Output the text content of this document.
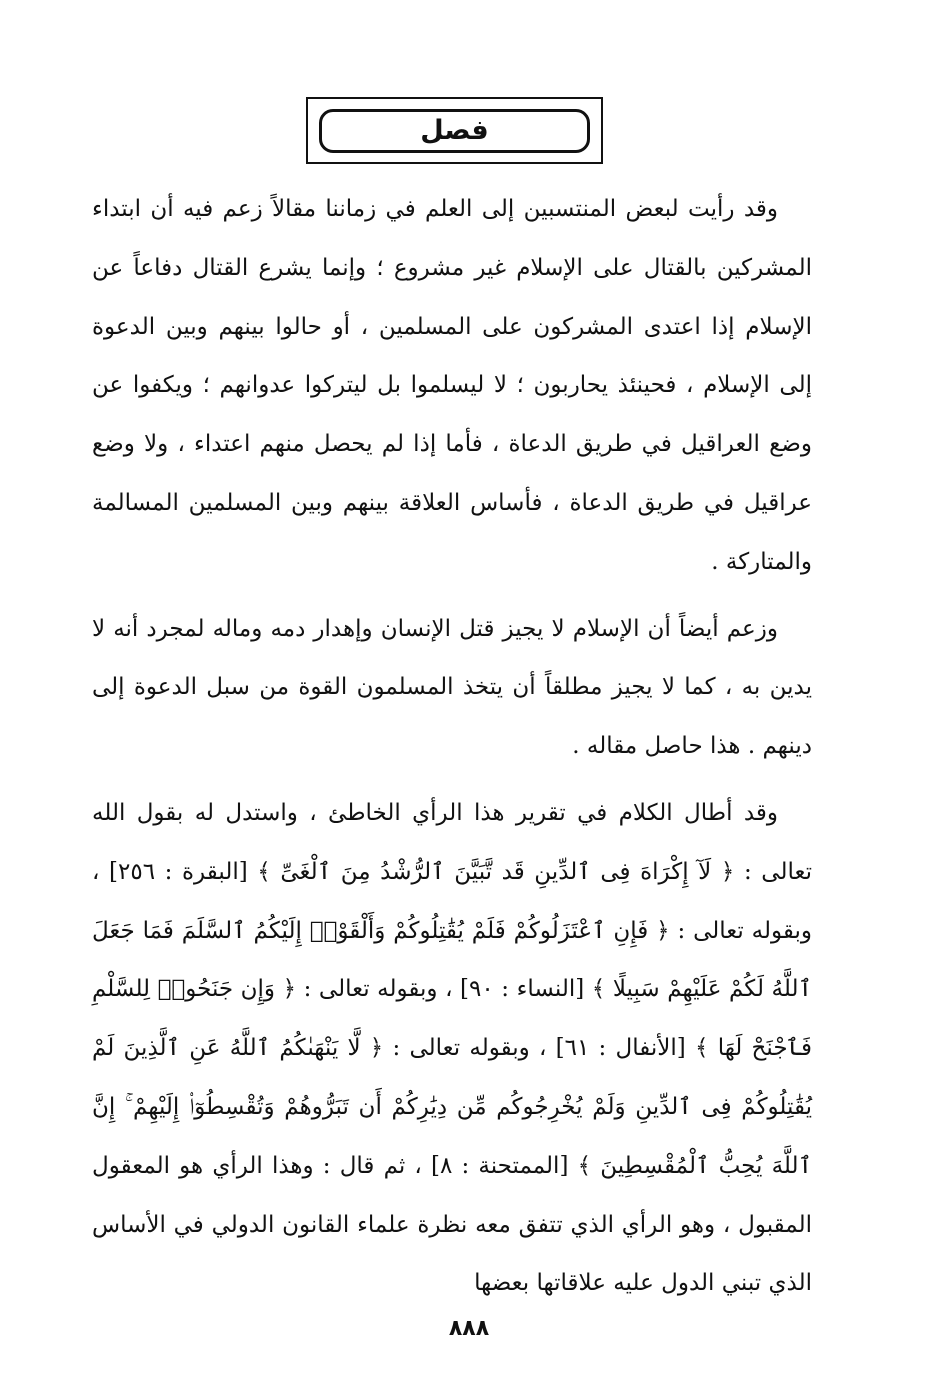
فصل

وقد رأيت لبعض المنتسبين إلى العلم في زماننا مقالاً زعم فيه أن ابتداء المشركين بالقتال على الإسلام غير مشروع ؛ وإنما يشرع القتال دفاعاً عن الإسلام إذا اعتدى المشركون على المسلمين ، أو حالوا بينهم وبين الدعوة إلى الإسلام ، فحينئذ يحاربون ؛ لا ليسلموا بل ليتركوا عدوانهم ؛ ويكفوا عن وضع العراقيل في طريق الدعاة ، فأما إذا لم يحصل منهم اعتداء ، ولا وضع عراقيل في طريق الدعاة ، فأساس العلاقة بينهم وبين المسلمين المسالمة والمتاركة .

وزعم أيضاً أن الإسلام لا يجيز قتل الإنسان وإهدار دمه وماله لمجرد أنه لا يدين به ، كما لا يجيز مطلقاً أن يتخذ المسلمون القوة من سبل الدعوة إلى دينهم . هذا حاصل مقاله .

وقد أطال الكلام في تقرير هذا الرأي الخاطئ ، واستدل له بقول الله تعالى : ﴿ لَآ إِكْرَاهَ فِى ٱلدِّينِ قَد تَّبَيَّنَ ٱلرُّشْدُ مِنَ ٱلْغَىِّ ﴾ [البقرة : ٢٥٦] ، وبقوله تعالى : ﴿ فَإِنِ ٱعْتَزَلُوكُمْ فَلَمْ يُقَٰتِلُوكُمْ وَأَلْقَوْا۟ إِلَيْكُمُ ٱلسَّلَمَ فَمَا جَعَلَ ٱللَّهُ لَكُمْ عَلَيْهِمْ سَبِيلًا ﴾ [النساء : ٩٠] ، وبقوله تعالى : ﴿ وَإِن جَنَحُوا۟ لِلسَّلْمِ فَٱجْنَحْ لَهَا ﴾ [الأنفال : ٦١] ، وبقوله تعالى : ﴿ لَّا يَنْهَىٰكُمُ ٱللَّهُ عَنِ ٱلَّذِينَ لَمْ يُقَٰتِلُوكُمْ فِى ٱلدِّينِ وَلَمْ يُخْرِجُوكُم مِّن دِيَٰرِكُمْ أَن تَبَرُّوهُمْ وَتُقْسِطُوٓا۟ إِلَيْهِمْ ۚ إِنَّ ٱللَّهَ يُحِبُّ ٱلْمُقْسِطِينَ ﴾ [الممتحنة : ٨] ، ثم قال : وهذا الرأي هو المعقول المقبول ، وهو الرأي الذي تتفق معه نظرة علماء القانون الدولي في الأساس الذي تبني الدول عليه علاقاتها بعضها

٨٨٨
